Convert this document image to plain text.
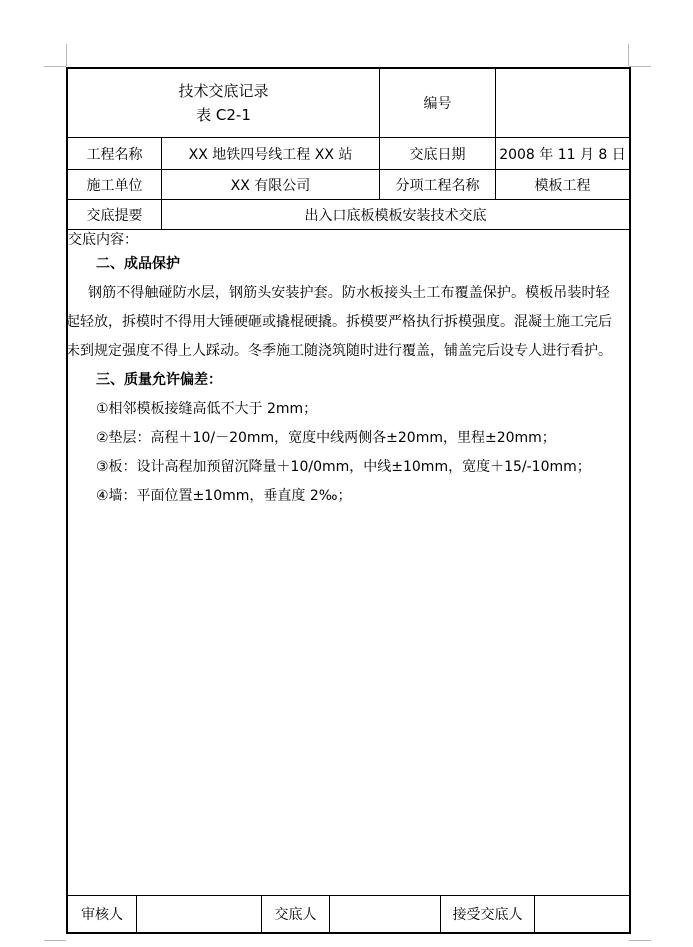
技术交底记录
表 C2-1
编号
工程名称	XX 地铁四号线工程 XX 站	交底日期	2008 年 11 月 8 日
施工单位	XX 有限公司	分项工程名称	模板工程
交底提要	出入口底板模板安装技术交底

交底内容：

二、成品保护

钢筋不得触碰防水层，钢筋头安装护套。防水板接头土工布覆盖保护。模板吊装时轻

起轻放，拆模时不得用大锤硬砸或撬棍硬撬。拆模要严格执行拆模强度。混凝土施工完后

未到规定强度不得上人踩动。冬季施工随浇筑随时进行覆盖，铺盖完后设专人进行看护。

三、质量允许偏差：

①相邻模板接缝高低不大于 2mm；

②垫层：高程＋10/－20mm，宽度中线两侧各±20mm，里程±20mm；

③板：设计高程加预留沉降量＋10/0mm，中线±10mm，宽度＋15/-10mm；

④墙：平面位置±10mm，垂直度 2‰；

审核人	交底人	接受交底人
